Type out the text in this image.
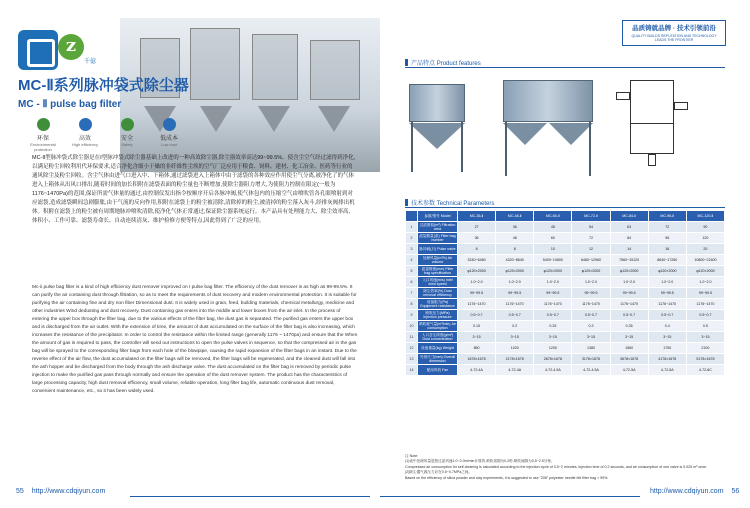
z
千億
MC-Ⅱ系列脉冲袋式除尘器
MC - Ⅱ pulse bag filter
环保
Environmental protection
高效
High efficiency
安全
Safety
低成本
Low cost
MC-Ⅱ型脉冲袋式除尘器是在Ⅰ型脉冲袋式除尘器基础上改进的一种高效除尘器,除尘器效率高达99~99.5%。使含尘空气经过滤得到净化,以满足粉尘回收利用代环保要求,适合净化含细小干燥的非纤维性尘埃的空气厂泛应用于粮食、饲料、建材、化工冶金、医药等行业的通风除尘及粉尘回收。含尘气体由进气口进入中、下箱体,通过滤袋进入上箱体中由于滤袋的各种效应作用使尘气分离,被净化了的气体进入上箱体从出风口排出,随着时间的加长积附在滤袋表面的粉尘量也不断增加,使除尘器阻力增大,为使阻力控制在限定(一般为1176~1470Pa)的范围,保证所需气体量的通过,由控制仪发出指令按顺序开启各脉冲阀,使气体包内的压缩空气由喷吹管各孔眼喷射到对应滤袋,造成滤袋瞬间急剧膨胀,由于气流的反向作用,积附在滤袋上的粉尘被清除,清除掉的粉尘,被清掉的粉尘落入灰斗,经排灰阀排出机体。积附在滤袋上的粉尘被有周期地脉冲喷吹清除,使净化气体正常通过,保证除尘器系统运行。本产品具有处理能力大、除尘效率高、体积小、工作可靠、滤袋寿命长、自动连续清灰、维护检修方便等特点,因此得到了广泛的应用。
Mc-ii pulse bag filter is a kind of high efficiency dust remover improved on I pulse bag filter. The efficiency of the dust remover is as high as 99-99.5%. It can purify the air containing dust through filtration, so as to meet the requirements of dust recovery and modern environmental protection. It is suitable for purifying the air containing fine and dry non fiber Dimensional dust. It is widely used in grain, feed, building materials, chemical metallurgy, medicine and other industries Wind dedusting and dust recovery. Dust containing gas enters into the middle and lower boxes from the air inlet. In the process of entering the upper box through the filter bag, due to the various effects of the filter bag, the dust gas is separated. The purified gas enters the upper box and is discharged from the air outlet. With the extension of time, the amount of dust accumulated on the surface of the filter bag is also increasing, which increases the resistance of the precipitator. In order to control the resistance within the limited range (generally 1176 ~ 1470pa) and ensure that the When the amount of gas is required to pass, the controller will send out instructions to open the pulse valves in sequence, so that the compressed air in the gas bag will be sprayed to the corresponding filter bags from each hole of the blowpipe, causing the rapid expansion of the filter bags in an instant. Due to the reverse effect of the air flow, the dust accumulated on the filter bags will be removed, the filter bags will be regenerated, and the cleaned dust will fall into the ash hopper and be discharged from the body through the ash discharge valve. The dust accumulated on the filter bag is removed by periodic pulse injection to make the purified gas pass through normally and ensure the operation of the dust remover system. The product has the characteristics of large processing capacity, high dust removal efficiency, small volume, reliable operation, long filter bag life, automatic continuous dust removal, convenient maintenance, etc., so it has been widely used.
55 http://www.cdqiyun.com
品质铸就品牌 · 技术引领前沿
QUALITY BUILDS REPUTATION AND TECHNOLOGY LEADS THE FRONTIER
产品特点 Product features
技术参数 Technical Parameters
	参数/型号 Model	MC-36-Ⅱ	MC-48-Ⅱ	MC-60-Ⅱ	MC-72-Ⅱ	MC-84-Ⅱ	MC-96-Ⅱ	MC-120-Ⅱ
1	过滤面积(m²) Filtration area	27	36	45	54	63	72	90
2	滤袋数量(条) Filter bag number	36	48	60	72	84	96	120
3	脉冲阀(只) Pulse valve	6	8	10	12	14	16	20
4	处理风量(m³/h) Air volume	3240~6480	4320~8640	5400~10800	6480~12960	7560~15120	8640~17280	10800~21600
5	滤袋规格(mm) Filter bag specification	φ120×2000	φ120×2000	φ120×2000	φ120×2000	φ120×2000	φ120×2000	φ120×2000
6	入口风速(m/s) Inlet wind speed	1.0~2.0	1.0~2.0	1.0~2.0	1.0~2.0	1.0~2.0	1.0~2.0	1.0~2.0
7	除尘效率(%) Dust removal efficiency	99~99.5	99~99.5	99~99.5	99~99.5	99~99.5	99~99.5	99~99.5
8	设备阻力(Pa) Equipment resistance	1176~1470	1176~1470	1176~1470	1176~1470	1176~1470	1176~1470	1176~1470
9	喷吹压力(MPa) Injection pressure	0.5~0.7	0.5~0.7	0.5~0.7	0.5~0.7	0.5~0.7	0.5~0.7	0.5~0.7
10	喷吹耗气量(m³/min) Air consumption	0.15	0.2	0.25	0.3	0.35	0.4	0.5
11	入口含尘浓度(g/m³) Dust concentration	3~15	3~15	3~15	3~15	3~15	3~15	3~15
12	设备重量(kg) Weight	850	1020	1200	1380	1560	1750	2100
13	外形尺寸(mm) Overall dimension	1678×1678	2178×1678	2678×1678	3178×1678	3678×1678	4178×1678	5178×1678
14	配用风机 Fan	4-72-4A	4-72-4A	4-72-4.5A	4-72-4.5A	4-72-5A	4-72-5A	4-72-6C
注 Note:
(1)表中处理风量是按过滤风速1.0~2.0m/min计算的,喷吹周期为0.2秒,喷吹间隔为0.5~2.5分钟。
Compressed air consumption for self-cleaning is calculated according to the injection cycle of 0.5~2 minutes, injection time of 0.2 seconds, and air consumption of one valve is 0.025 m³ once.
(2)除尘器气源压力应在0.5~0.7MPa之间。
Based on the efficiency of silica powder and clay experiments, it is suggested to use "208" polyester needle felt filter bag > 99%.
http://www.cdqiyun.com 56
